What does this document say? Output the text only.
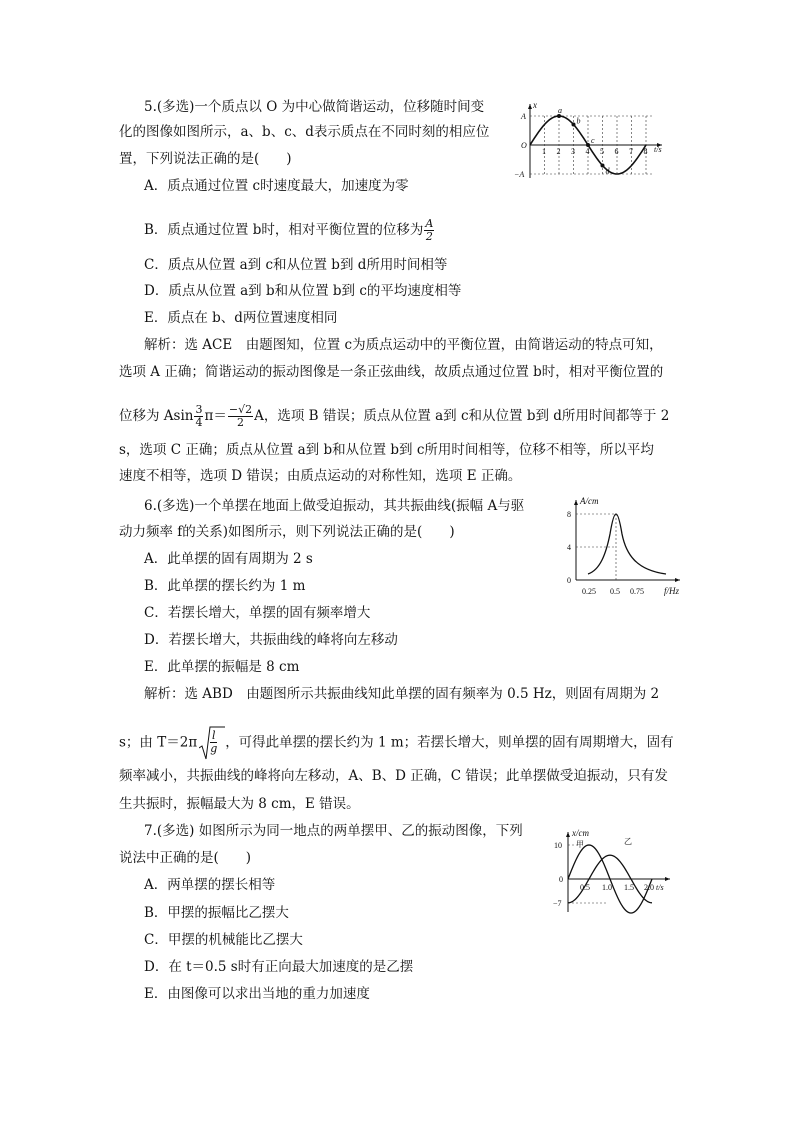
5.(多选)一个质点以 O 为中心做简谐运动，位移随时间变
化的图像如图所示，a、b、c、d表示质点在不同时刻的相应位
置，下列说法正确的是(　　)
A．质点通过位置 c时速度最大，加速度为零
B．质点通过位置 b时，相对平衡位置的位移为 $\frac{A}{2}$
C．质点从位置 a到 c和从位置 b到 d所用时间相等
D．质点从位置 a到 b和从位置 b到 c的平均速度相等
E．质点在 b、d两位置速度相同
解析：选 ACE　由题图知，位置 c为质点运动中的平衡位置，由简谐运动的特点可知，
选项 A 正确；简谐运动的振动图像是一条正弦曲线，故质点通过位置 b时，相对平衡位置的
位移为 Asin $\frac{3}{4} \pi= \frac{-√2}{2}$ A，选项 B 错误；质点从位置 a到 c和从位置 b到 d所用时间都等于 2
s，选项 C 正确；质点从位置 a到 b和从位置 b到 c所用时间相等，位移不相等，所以平均
速度不相等，选项 D 错误；由质点运动的对称性知，选项 E 正确。
x
t/s
A
−A
O
1 2 3 4 5 6 7 8
a
b
c
d
6.(多选)一个单摆在地面上做受迫振动，其共振曲线(振幅 A与驱
动力频率 f的关系)如图所示，则下列说法正确的是(　　)
A．此单摆的固有周期为 2 s
B．此单摆的摆长约为 1 m
C．若摆长增大，单摆的固有频率增大
D．若摆长增大，共振曲线的峰将向左移动
E．此单摆的振幅是 8 cm
解析：选 ABD　由题图所示共振曲线知此单摆的固有频率为 0.5 Hz，则固有周期为 2
s；由 $T=2\pi \frac{l}{g}$ ，可得此单摆的摆长约为 1 m；若摆长增大，则单摆的固有周期增大，固有
频率减小，共振曲线的峰将向左移动，A、B、D 正确，C 错误；此单摆做受迫振动，只有发
生共振时，振幅最大为 8 cm，E 错误。
A/cm
f/Hz
8
4
0
0.25 0.5 0.75
7.(多选) 如图所示为同一地点的两单摆甲、乙的振动图像，下列
说法中正确的是(　　)
A．两单摆的摆长相等
B．甲摆的振幅比乙摆大
C．甲摆的机械能比乙摆大
D．在 t＝0.5 s时有正向最大加速度的是乙摆
E．由图像可以求出当地的重力加速度
x/cm
t/s
10
−7
0
甲	乙
0.5 1.0 1.5 2.0
